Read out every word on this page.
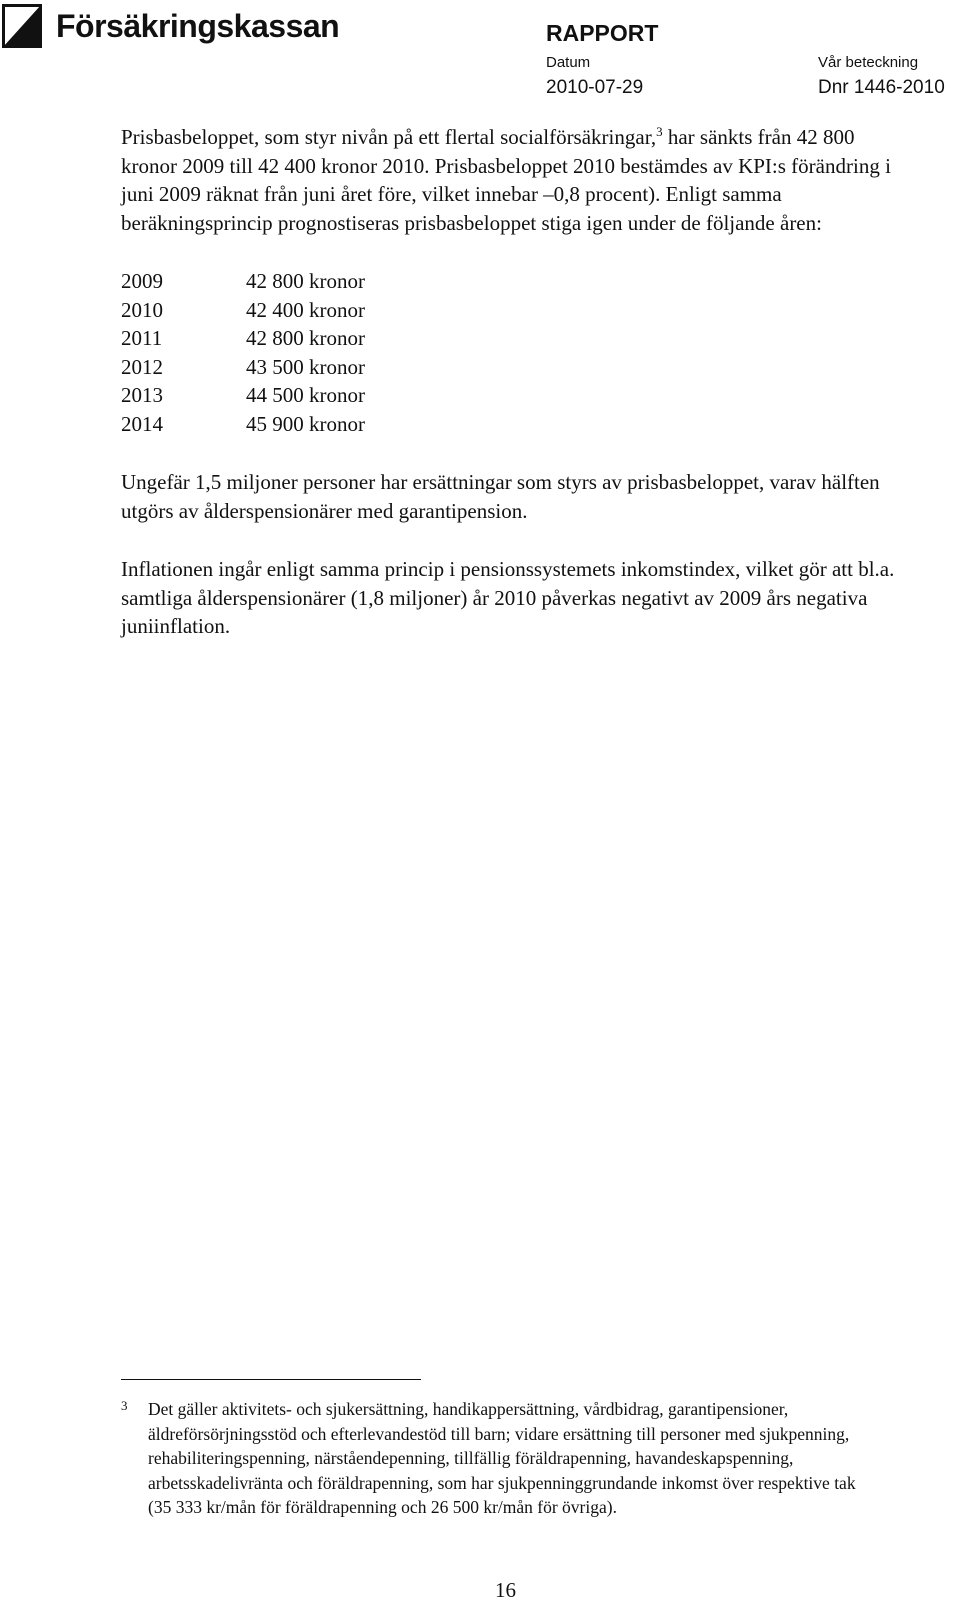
Försäkringskassan	RAPPORT
Datum
2010-07-29
Vår beteckning
Dnr 1446-2010

Prisbasbeloppet, som styr nivån på ett flertal socialförsäkringar,$^3$ har sänkts från 42 800 kronor 2009 till 42 400 kronor 2010. Prisbasbeloppet 2010 bestämdes av KPI:s förändring i juni 2009 räknat från juni året före, vilket innebar –0,8 procent). Enligt samma beräkningsprincip prognostiseras prisbasbeloppet stiga igen under de följande åren:

2009	42 800 kronor
2010	42 400 kronor
2011	42 800 kronor
2012	43 500 kronor
2013	44 500 kronor
2014	45 900 kronor

Ungefär 1,5 miljoner personer har ersättningar som styrs av prisbasbeloppet, varav hälften utgörs av ålderspensionärer med garantipension.

Inflationen ingår enligt samma princip i pensionssystemets inkomstindex, vilket gör att bl.a. samtliga ålderspensionärer (1,8 miljoner) år 2010 påverkas negativt av 2009 års negativa juniinflation.

3	Det gäller aktivitets- och sjukersättning, handikappersättning, vårdbidrag, garantipensioner, äldreförsörjningsstöd och efterlevandestöd till barn; vidare ersättning till personer med sjukpenning, rehabiliteringspenning, närståendepenning, tillfällig föräldrapenning, havandeskapspenning, arbetsskadelivränta och föräldrapenning, som har sjukpenninggrundande inkomst över respektive tak (35 333 kr/mån för föräldrapenning och 26 500 kr/mån för övriga).
16
